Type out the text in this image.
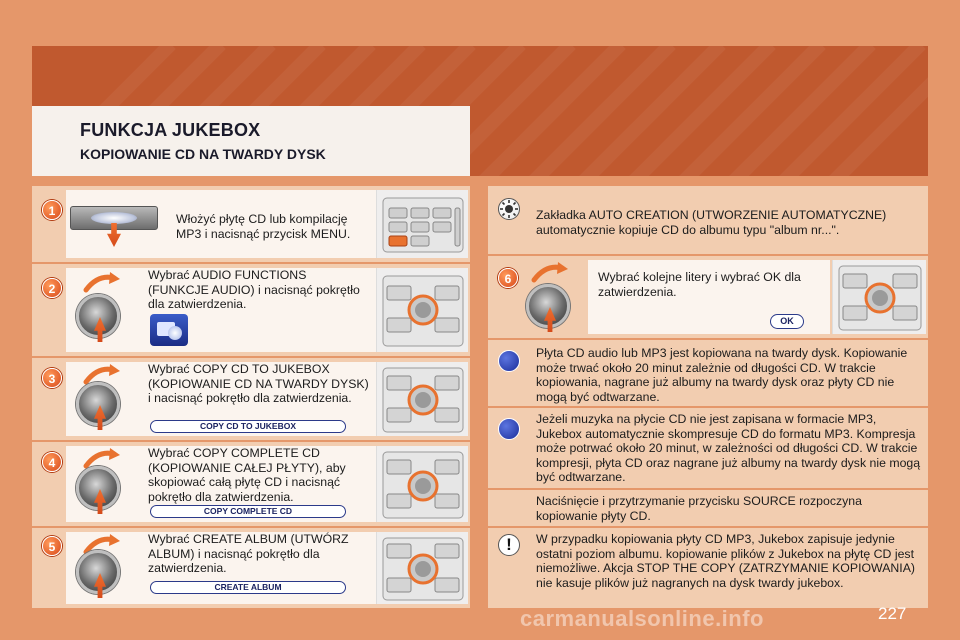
FUNKCJA JUKEBOX
KOPIOWANIE CD NA TWARDY DYSK
1
Włożyć płytę CD lub kompilację MP3 i nacisnąć przycisk MENU.
2
Wybrać AUDIO FUNCTIONS (FUNKCJE AUDIO) i nacisnąć pokrętło dla zatwierdzenia.
3
Wybrać COPY CD TO JUKEBOX (KOPIOWANIE CD NA TWARDY DYSK) i nacisnąć pokrętło dla zatwierdzenia.
COPY CD TO JUKEBOX
4
Wybrać COPY COMPLETE CD (KOPIOWANIE CAŁEJ PŁYTY), aby skopiować całą płytę CD i nacisnąć pokrętło dla zatwierdzenia.
COPY COMPLETE CD
5
Wybrać CREATE ALBUM (UTWÓRZ ALBUM) i nacisnąć pokrętło dla zatwierdzenia.
CREATE ALBUM
Zakładka AUTO CREATION (UTWORZENIE AUTOMATYCZNE) automatycznie kopiuje CD do albumu typu "album nr...".
6	Wybrać kolejne litery i wybrać OK dla zatwierdzenia.
OK
Płyta CD audio lub MP3 jest kopiowana na twardy dysk. Kopiowanie może trwać około 20 minut zależnie od długości CD. W trakcie kopiowania, nagrane już albumy na twardy dysk oraz płyty CD nie mogą być odtwarzane.
Jeżeli muzyka na płycie CD nie jest zapisana w formacie MP3, Jukebox automatycznie skompresuje CD do formatu MP3. Kompresja może potrwać około 20 minut, w zależności od długości CD. W trakcie kompresji, płyta CD oraz nagrane już albumy na twardy dysk nie mogą być odtwarzane.
Naciśnięcie i przytrzymanie przycisku SOURCE rozpoczyna kopiowanie płyty CD.
!	W przypadku kopiowania płyty CD MP3, Jukebox zapisuje jedynie ostatni poziom albumu. kopiowanie plików z Jukebox na płytę CD jest niemożliwe. Akcja STOP THE COPY (ZATRZYMANIE KOPIOWANIA) nie kasuje plików już nagranych na dysk twardy jukebox.
carmanualsonline.info	227
